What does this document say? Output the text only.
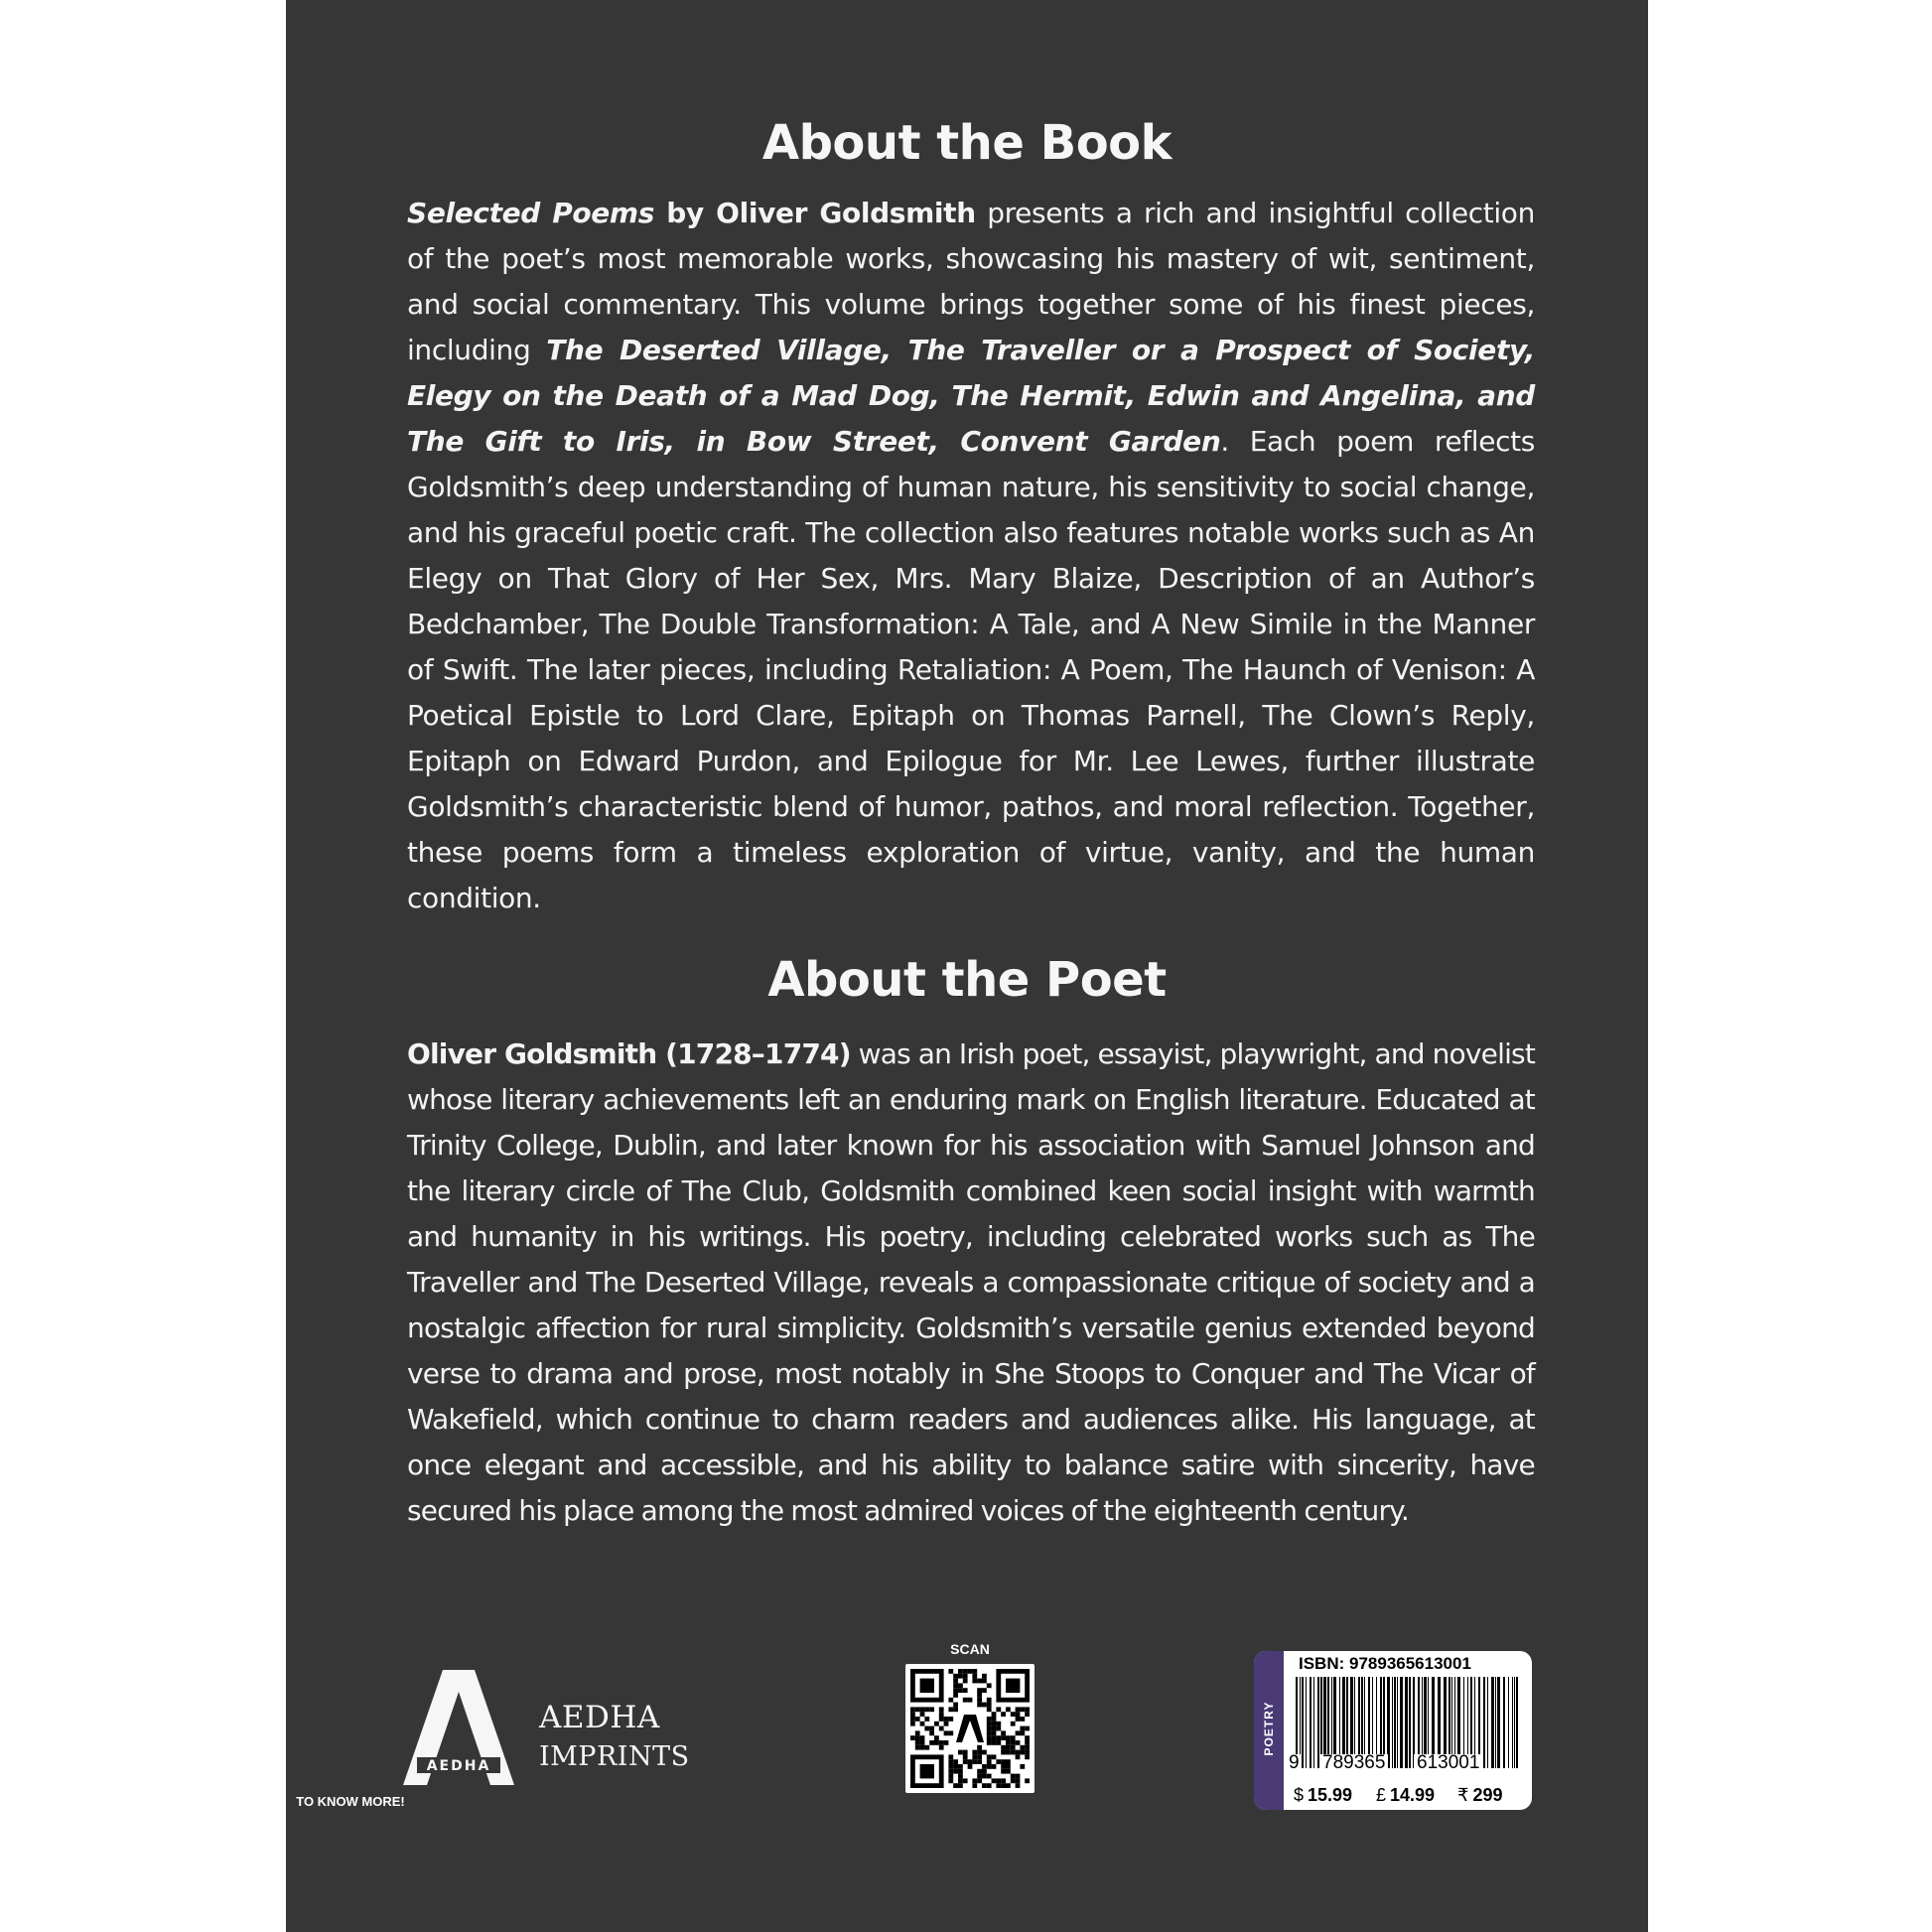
About the Book
Selected Poems by Oliver Goldsmith presents a rich and insightful collection of the poet’s most memorable works, showcasing his mastery of wit, sentiment, and social commentary. This volume brings together some of his finest pieces, including The Deserted Village, The Traveller or a Prospect of Society, Elegy on the Death of a Mad Dog, The Hermit, Edwin and Angelina, and The Gift to Iris, in Bow Street, Convent Garden. Each poem reflects Goldsmith’s deep understanding of human nature, his sensitivity to social change, and his graceful poetic craft. The collection also features notable works such as An Elegy on That Glory of Her Sex, Mrs. Mary Blaize, Description of an Author’s Bedchamber, The Double Transformation: A Tale, and A New Simile in the Manner of Swift. The later pieces, including Retaliation: A Poem, The Haunch of Venison: A Poetical Epistle to Lord Clare, Epitaph on Thomas Parnell, The Clown’s Reply, Epitaph on Edward Purdon, and Epilogue for Mr. Lee Lewes, further illustrate Goldsmith’s characteristic blend of humor, pathos, and moral reflection. Together, these poems form a timeless exploration of virtue, vanity, and the human condition.
About the Poet
Oliver Goldsmith (1728–1774) was an Irish poet, essayist, playwright, and novelist whose literary achievements left an enduring mark on English literature. Educated at Trinity College, Dublin, and later known for his association with Samuel Johnson and the literary circle of The Club, Goldsmith combined keen social insight with warmth and humanity in his writings. His poetry, including celebrated works such as The Traveller and The Deserted Village, reveals a compassionate critique of society and a nostalgic affection for rural simplicity. Goldsmith’s versatile genius extended beyond verse to drama and prose, most notably in She Stoops to Conquer and The Vicar of Wakefield, which continue to charm readers and audiences alike. His language, at once elegant and accessible, and his ability to balance satire with sincerity, have secured his place among the most admired voices of the eighteenth century.
AEDHA
AEDHA
IMPRINTS
SCAN
TO KNOW MORE!
POETRY
ISBN: 9789365613001
9 789365 613001
$ 15.99 £ 14.99 ₹ 299
